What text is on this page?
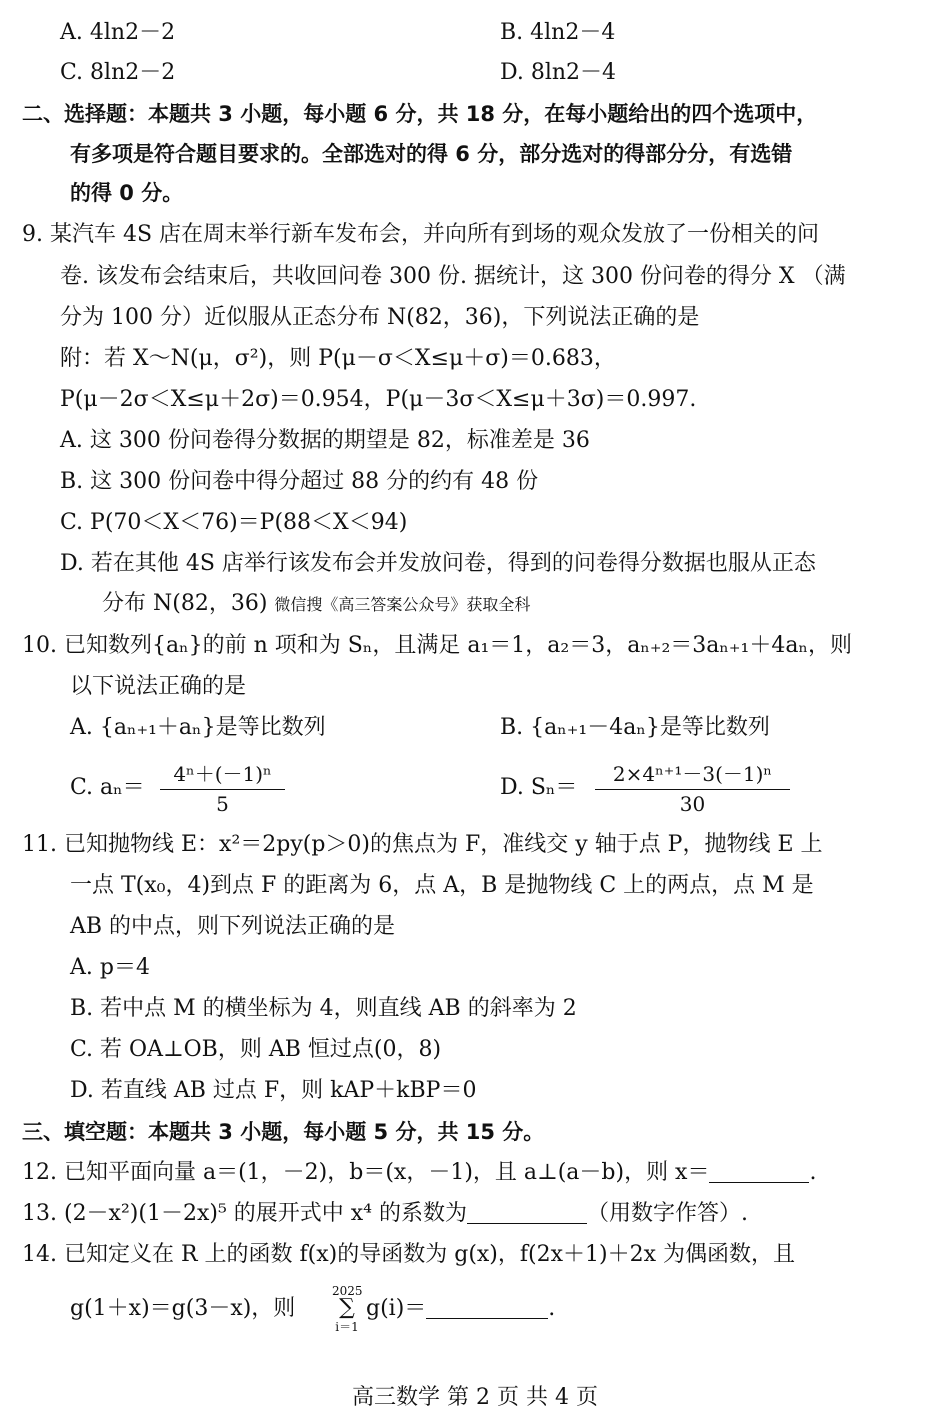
A. 4ln2－2	B. 4ln2－4
C. 8ln2－2	D. 8ln2－4
二、选择题：本题共 3 小题，每小题 6 分，共 18 分，在每小题给出的四个选项中，
有多项是符合题目要求的。全部选对的得 6 分，部分选对的得部分分，有选错
的得 0 分。
9. 某汽车 4S 店在周末举行新车发布会，并向所有到场的观众发放了一份相关的问
卷. 该发布会结束后，共收回问卷 300 份. 据统计，这 300 份问卷的得分 X （满
分为 100 分）近似服从正态分布 N(82，36)，下列说法正确的是
附：若 X～N(μ，σ²)，则 P(μ－σ＜X≤μ＋σ)＝0.683，
P(μ－2σ＜X≤μ＋2σ)＝0.954，P(μ－3σ＜X≤μ＋3σ)＝0.997.
A. 这 300 份问卷得分数据的期望是 82，标准差是 36
B. 这 300 份问卷中得分超过 88 分的约有 48 份
C. P(70＜X＜76)＝P(88＜X＜94)
D. 若在其他 4S 店举行该发布会并发放问卷，得到的问卷得分数据也服从正态
分布 N(82，36) 微信搜《高三答案公众号》获取全科
10. 已知数列{aₙ}的前 n 项和为 Sₙ，且满足 a₁＝1，a₂＝3，aₙ₊₂＝3aₙ₊₁＋4aₙ，则
以下说法正确的是
A. {aₙ₊₁＋aₙ}是等比数列	B. {aₙ₊₁－4aₙ}是等比数列
C. aₙ＝
4ⁿ＋(－1)ⁿ
5
D. Sₙ＝
2×4ⁿ⁺¹－3(－1)ⁿ
30
11. 已知抛物线 E：x²＝2py(p＞0)的焦点为 F，准线交 y 轴于点 P，抛物线 E 上
一点 T(x₀，4)到点 F 的距离为 6，点 A，B 是抛物线 C 上的两点，点 M 是
AB 的中点，则下列说法正确的是
A. p＝4
B. 若中点 M 的横坐标为 4，则直线 AB 的斜率为 2
C. 若 OA⊥OB，则 AB 恒过点(0，8)
D. 若直线 AB 过点 F，则 kAP＋kBP＝0
三、填空题：本题共 3 小题，每小题 5 分，共 15 分。
12. 已知平面向量 a＝(1，－2)，b＝(x，－1)，且 a⊥(a－b)，则 x＝	.
13. (2－x²)(1－2x)⁵ 的展开式中 x⁴ 的系数为	（用数字作答）.
14. 已知定义在 R 上的函数 f(x)的导函数为 g(x)，f(2x＋1)＋2x 为偶函数，且
g(1＋x)＝g(3－x)，则
2025
∑
i＝1
g(i)＝	.
高三数学 第 2 页 共 4 页
